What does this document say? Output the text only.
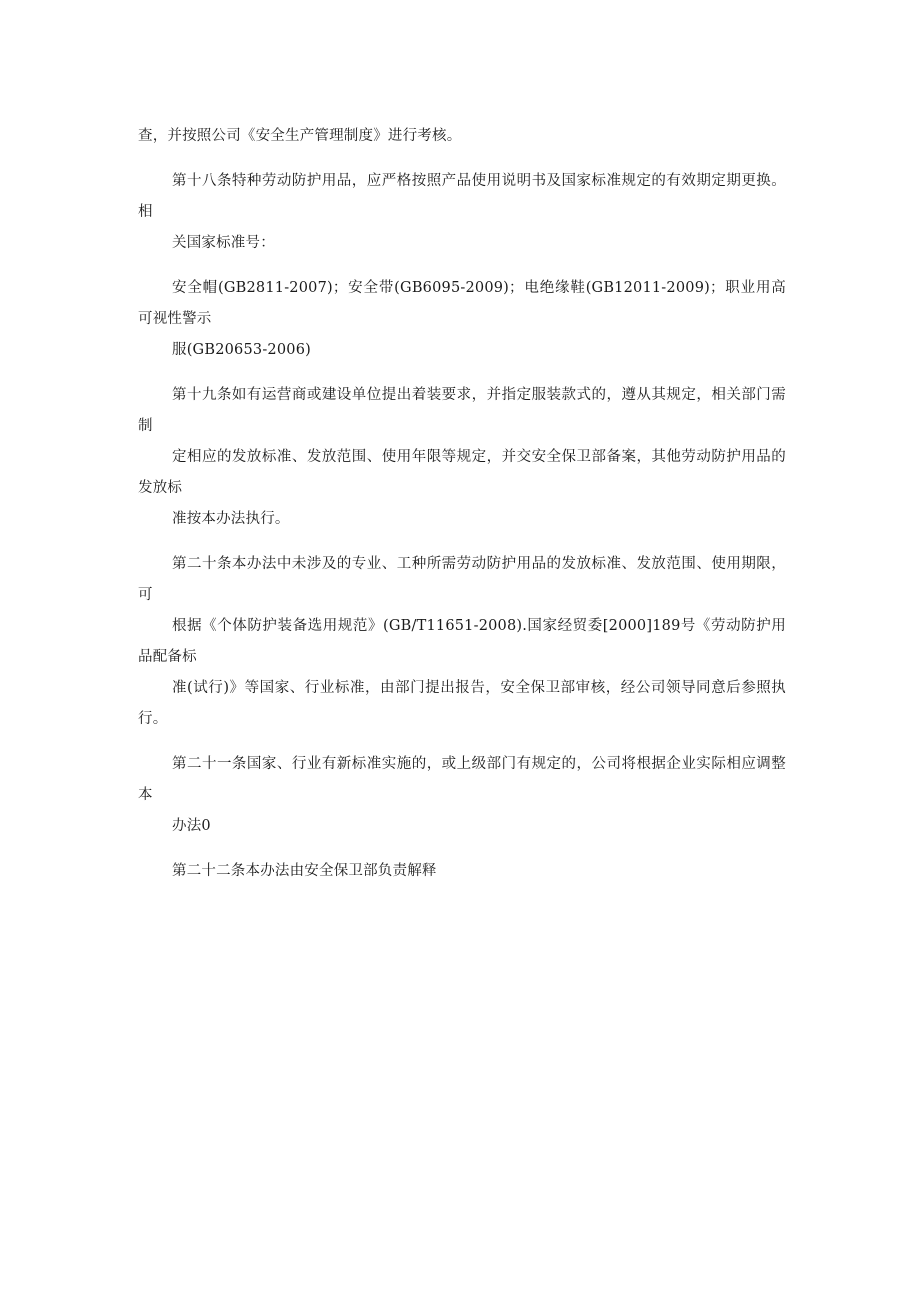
查，并按照公司《安全生产管理制度》进行考核。

第十八条特种劳动防护用品，应严格按照产品使用说明书及国家标准规定的有效期定期更换。相
关国家标准号：

安全帽(GB2811-2007)；安全带(GB6095-2009)；电绝缘鞋(GB12011-2009)；职业用高可视性警示
服(GB20653-2006)

第十九条如有运营商或建设单位提出着装要求，并指定服装款式的，遵从其规定，相关部门需制
定相应的发放标准、发放范围、使用年限等规定，并交安全保卫部备案，其他劳动防护用品的发放标
准按本办法执行。

第二十条本办法中未涉及的专业、工种所需劳动防护用品的发放标准、发放范围、使用期限，可
根据《个体防护装备选用规范》(GB/T11651-2008).国家经贸委[2000]189号《劳动防护用品配备标
准(试行)》等国家、行业标准，由部门提出报告，安全保卫部审核，经公司领导同意后参照执行。

第二十一条国家、行业有新标准实施的，或上级部门有规定的，公司将根据企业实际相应调整本
办法0

第二十二条本办法由安全保卫部负责解释
